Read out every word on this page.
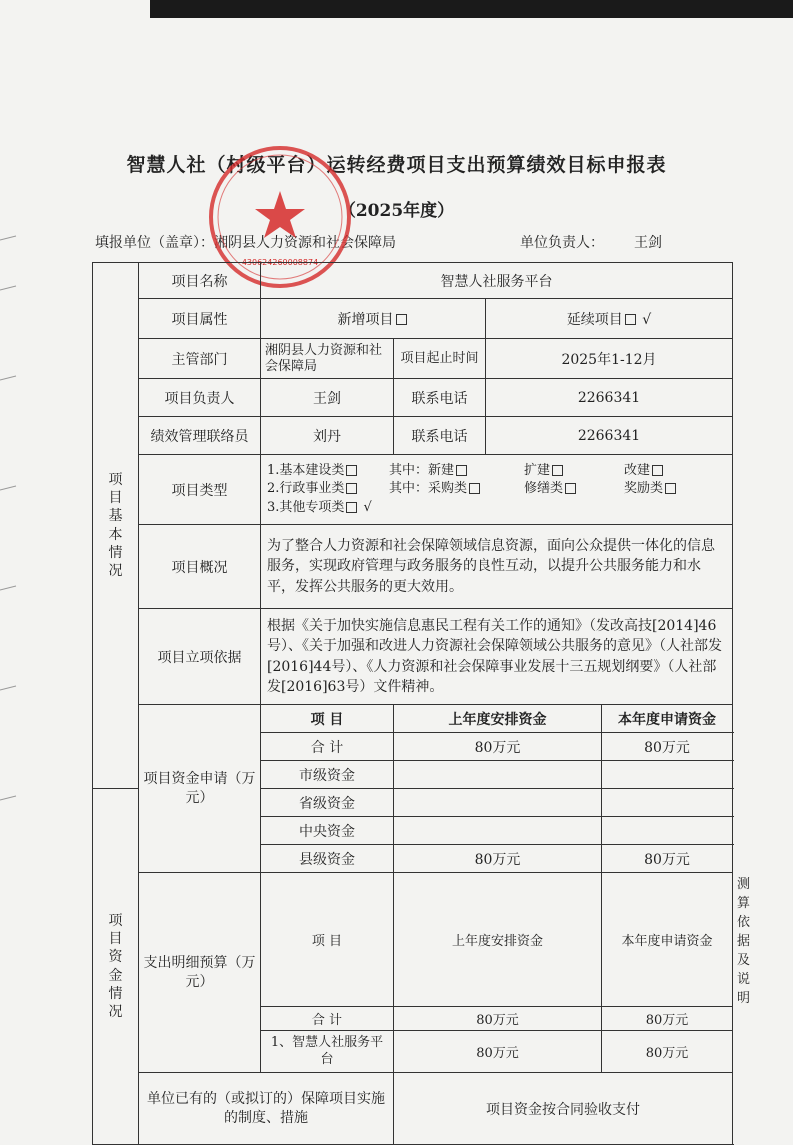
智慧人社（村级平台）运转经费项目支出预算绩效目标申报表
（2025年度）
填报单位（盖章）：湘阴县人力资源和社会保障局	单位负责人： 王剑
430624260008874
项目基本情况	项目名称	智慧人社服务平台				
	项目属性	新增项目		延续项目 √		
	主管部门	湘阴县人力资源和社会保障局	项目起止时间	2025年1-12月		
	项目负责人	王剑	联系电话	2266341		
	绩效管理联络员	刘丹	联系电话	2266341		
	项目类型	1.基本建设类 其中：新建 扩建 改建
2.行政事业类 其中：采购类 修缮类 奖励类
3.其他专项类 √				

	项目概况	为了整合人力资源和社会保障领域信息资源，面向公众提供一体化的信息服务，实现政府管理与政务服务的良性互动，以提升公共服务能力和水平，发挥公共服务的更大效用。				
	项目立项依据	根据《关于加快实施信息惠民工程有关工作的通知》（发改高技[2014]46号）、《关于加强和改进人力资源社会保障领域公共服务的意见》（人社部发[2016]44号）、《人力资源和社会保障事业发展十三五规划纲要》（人社部发[2016]63号）文件精神。				
	项目资金申请（万元）	项 目	上年度安排资金		本年度申请资金	
		合 计	80万元		80万元	
		市级资金				

项目资金情况		省级资金				
		中央资金				
		县级资金	80万元		80万元	
	支出明细预算（万元）	项 目	上年度安排资金		本年度申请资金	测算依据及说明
		合 计	80万元		80万元	
		1、智慧人社服务平台	80万元		80万元	
	单位已有的（或拟订的）保障项目实施的制度、措施		项目资金按合同验收支付			
